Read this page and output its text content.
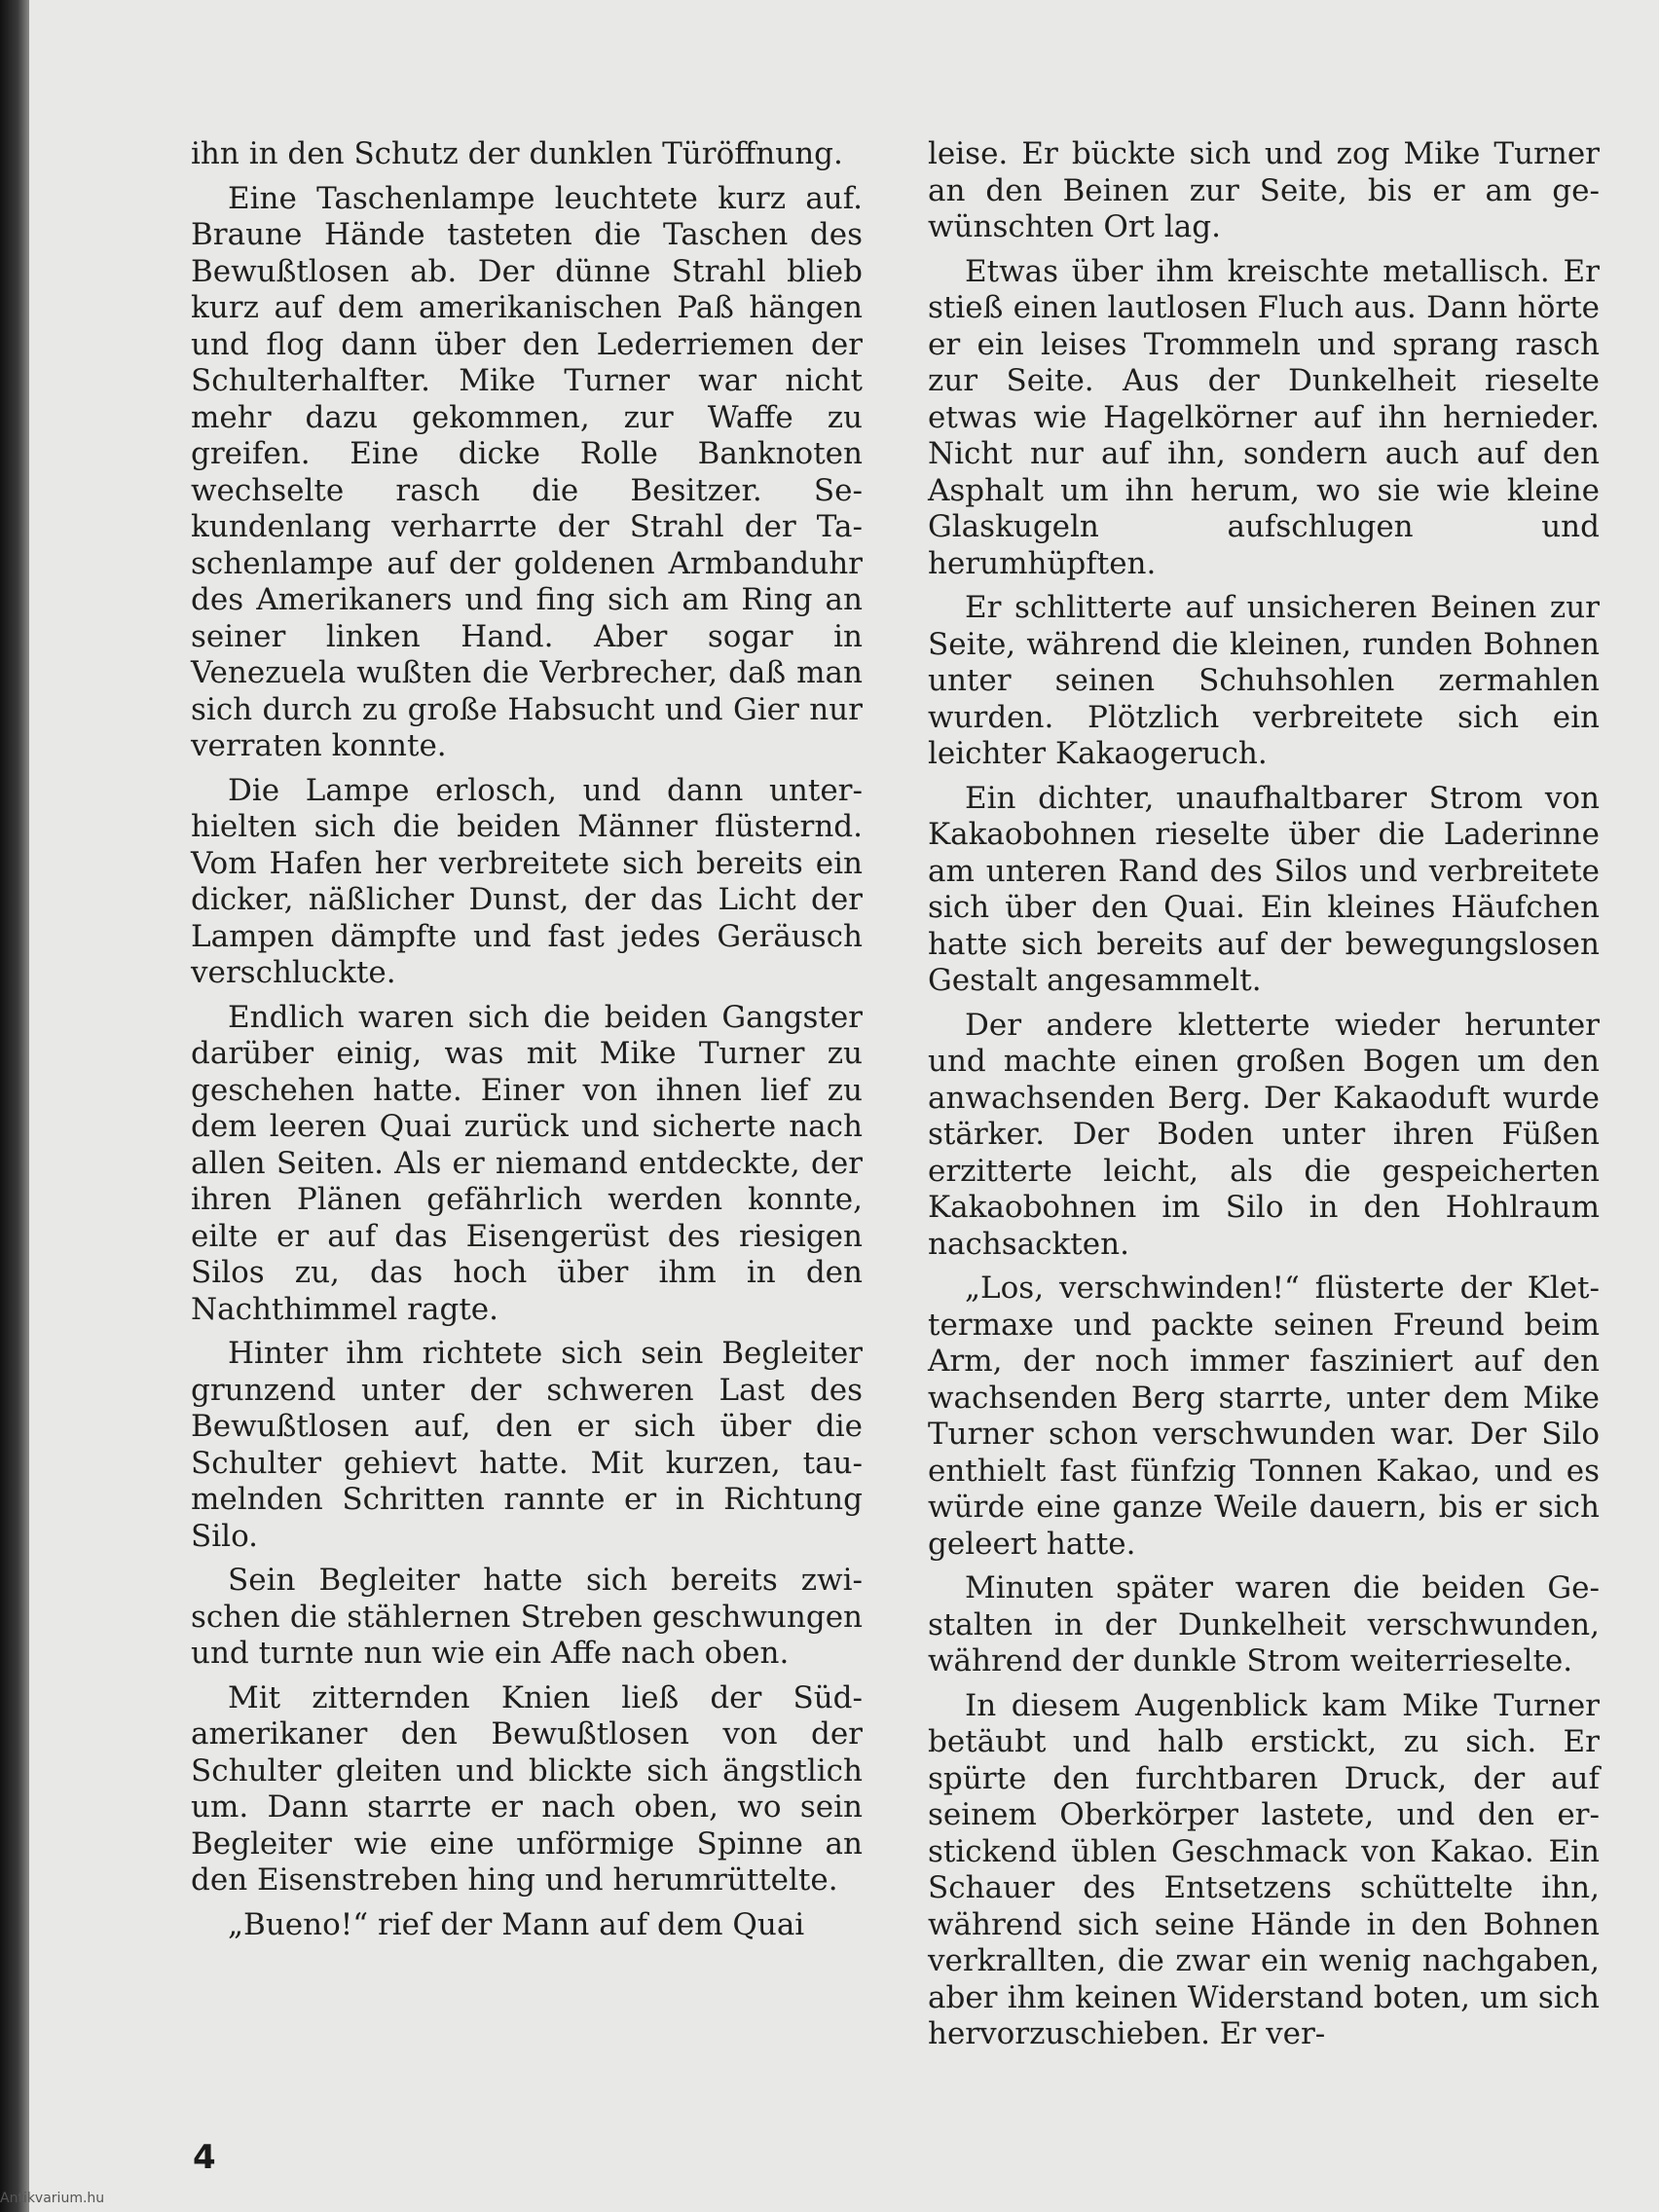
ihn in den Schutz der dunklen Türöffnung.

Eine Taschenlampe leuchtete kurz auf. Braune Hände tasteten die Taschen des Bewußtlosen ab. Der dünne Strahl blieb kurz auf dem amerikanischen Paß hängen und flog dann über den Lederriemen der Schulterhalfter. Mike Turner war nicht mehr dazu gekommen, zur Waffe zu greifen. Eine dicke Rolle Banknoten wechselte rasch die Besitzer. Sekundenlang verharrte der Strahl der Taschenlampe auf der goldenen Armbanduhr des Amerikaners und fing sich am Ring an seiner linken Hand. Aber sogar in Venezuela wußten die Verbrecher, daß man sich durch zu große Habsucht und Gier nur verraten konnte.

Die Lampe erlosch, und dann unterhielten sich die beiden Männer flüsternd. Vom Hafen her verbreitete sich bereits ein dicker, näßlicher Dunst, der das Licht der Lampen dämpfte und fast jedes Geräusch verschluckte.

Endlich waren sich die beiden Gangster darüber einig, was mit Mike Turner zu geschehen hatte. Einer von ihnen lief zu dem leeren Quai zurück und sicherte nach allen Seiten. Als er niemand entdeckte, der ihren Plänen gefährlich werden konnte, eilte er auf das Eisengerüst des riesigen Silos zu, das hoch über ihm in den Nachthimmel ragte.

Hinter ihm richtete sich sein Begleiter grunzend unter der schweren Last des Bewußtlosen auf, den er sich über die Schulter gehievt hatte. Mit kurzen, taumelnden Schritten rannte er in Richtung Silo.

Sein Begleiter hatte sich bereits zwischen die stählernen Streben geschwungen und turnte nun wie ein Affe nach oben.

Mit zitternden Knien ließ der Südamerikaner den Bewußtlosen von der Schulter gleiten und blickte sich ängstlich um. Dann starrte er nach oben, wo sein Begleiter wie eine unförmige Spinne an den Eisenstreben hing und herumrüttelte.

„Bueno!“ rief der Mann auf dem Quai

leise. Er bückte sich und zog Mike Turner an den Beinen zur Seite, bis er am gewünschten Ort lag.

Etwas über ihm kreischte metallisch. Er stieß einen lautlosen Fluch aus. Dann hörte er ein leises Trommeln und sprang rasch zur Seite. Aus der Dunkelheit rieselte etwas wie Hagelkörner auf ihn hernieder. Nicht nur auf ihn, sondern auch auf den Asphalt um ihn herum, wo sie wie kleine Glaskugeln aufschlugen und herumhüpften.

Er schlitterte auf unsicheren Beinen zur Seite, während die kleinen, runden Bohnen unter seinen Schuhsohlen zermahlen wurden. Plötzlich verbreitete sich ein leichter Kakaogeruch.

Ein dichter, unaufhaltbarer Strom von Kakaobohnen rieselte über die Laderinne am unteren Rand des Silos und verbreitete sich über den Quai. Ein kleines Häufchen hatte sich bereits auf der bewegungslosen Gestalt angesammelt.

Der andere kletterte wieder herunter und machte einen großen Bogen um den anwachsenden Berg. Der Kakaoduft wurde stärker. Der Boden unter ihren Füßen erzitterte leicht, als die gespeicherten Kakaobohnen im Silo in den Hohlraum nachsackten.

„Los, verschwinden!“ flüsterte der Klettermaxe und packte seinen Freund beim Arm, der noch immer fasziniert auf den wachsenden Berg starrte, unter dem Mike Turner schon verschwunden war. Der Silo enthielt fast fünfzig Tonnen Kakao, und es würde eine ganze Weile dauern, bis er sich geleert hatte.

Minuten später waren die beiden Gestalten in der Dunkelheit verschwunden, während der dunkle Strom weiterrieselte.

In diesem Augenblick kam Mike Turner betäubt und halb erstickt, zu sich. Er spürte den furchtbaren Druck, der auf seinem Oberkörper lastete, und den erstickend üblen Geschmack von Kakao. Ein Schauer des Entsetzens schüttelte ihn, während sich seine Hände in den Bohnen verkrallten, die zwar ein wenig nachgaben, aber ihm keinen Widerstand boten, um sich hervorzuschieben. Er ver-

4
Antikvarium.hu
